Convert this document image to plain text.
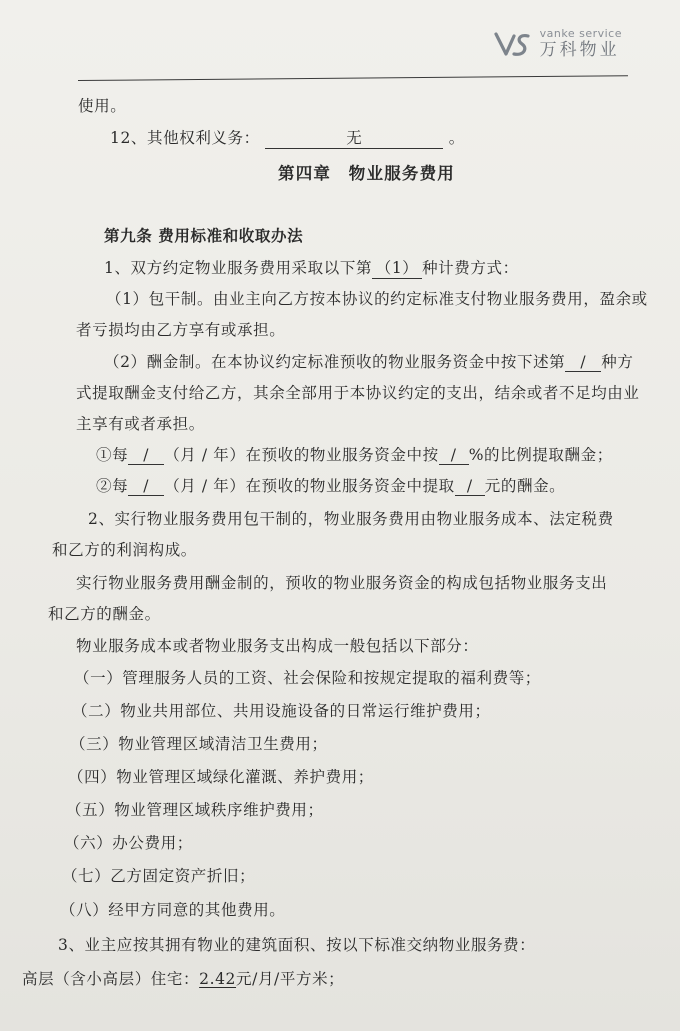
vanke service
万科物业
使用。
12、其他权利义务：	无	。
第四章　物业服务费用
第九条 费用标准和收取办法
1、双方约定物业服务费用采取以下第 （1） 种计费方式：
（1）包干制。由业主向乙方按本协议的约定标准支付物业服务费用，盈余或
者亏损均由乙方享有或承担。
（2）酬金制。在本协议约定标准预收的物业服务资金中按下述第 / 种方
式提取酬金支付给乙方，其余全部用于本协议约定的支出，结余或者不足均由业
主享有或者承担。
①每 / （月 / 年）在预收的物业服务资金中按 / %的比例提取酬金；
②每 / （月 / 年）在预收的物业服务资金中提取 / 元的酬金。
2、实行物业服务费用包干制的，物业服务费用由物业服务成本、法定税费
和乙方的利润构成。
实行物业服务费用酬金制的，预收的物业服务资金的构成包括物业服务支出
和乙方的酬金。
物业服务成本或者物业服务支出构成一般包括以下部分：
（一）管理服务人员的工资、社会保险和按规定提取的福利费等；
（二）物业共用部位、共用设施设备的日常运行维护费用；
（三）物业管理区域清洁卫生费用；
（四）物业管理区域绿化灌溉、养护费用；
（五）物业管理区域秩序维护费用；
（六）办公费用；
（七）乙方固定资产折旧；
（八）经甲方同意的其他费用。
3、业主应按其拥有物业的建筑面积、按以下标准交纳物业服务费：
高层（含小高层）住宅：2.42元/月/平方米；
